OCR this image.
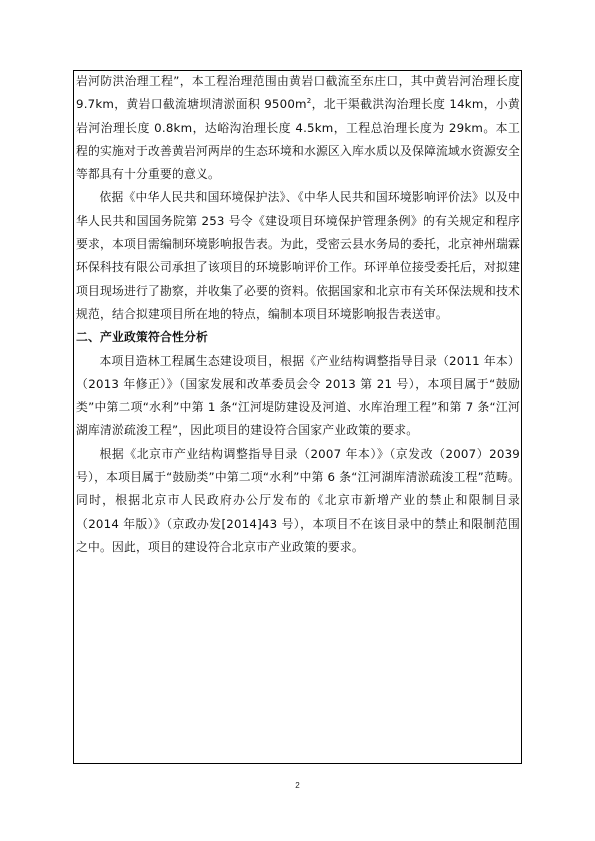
岩河防洪治理工程”，本工程治理范围由黄岩口截流至东庄口，其中黄岩河治理长度 9.7km，黄岩口截流塘坝清淤面积 $9500m^2$，北干渠截洪沟治理长度 14km，小黄岩河治理长度 0.8km，达峪沟治理长度 4.5km，工程总治理长度为 29km。本工程的实施对于改善黄岩河两岸的生态环境和水源区入库水质以及保障流域水资源安全等都具有十分重要的意义。

依据《中华人民共和国环境保护法》、《中华人民共和国环境影响评价法》以及中华人民共和国国务院第 253 号令《建设项目环境保护管理条例》的有关规定和程序要求，本项目需编制环境影响报告表。为此，受密云县水务局的委托，北京神州瑞霖环保科技有限公司承担了该项目的环境影响评价工作。环评单位接受委托后，对拟建项目现场进行了勘察，并收集了必要的资料。依据国家和北京市有关环保法规和技术规范，结合拟建项目所在地的特点，编制本项目环境影响报告表送审。

二、产业政策符合性分析

本项目造林工程属生态建设项目，根据《产业结构调整指导目录（2011 年本）（2013 年修正）》（国家发展和改革委员会令 2013 第 21 号），本项目属于“鼓励类”中第二项“水利”中第 1 条“江河堤防建设及河道、水库治理工程”和第 7 条“江河湖库清淤疏浚工程”，因此项目的建设符合国家产业政策的要求。

根据《北京市产业结构调整指导目录（2007 年本）》（京发改（2007）2039 号），本项目属于“鼓励类”中第二项“水利”中第 6 条“江河湖库清淤疏浚工程”范畴。同时，根据北京市人民政府办公厅发布的《北京市新增产业的禁止和限制目录（2014 年版）》（京政办发[2014]43 号），本项目不在该目录中的禁止和限制范围之中。因此，项目的建设符合北京市产业政策的要求。

2
